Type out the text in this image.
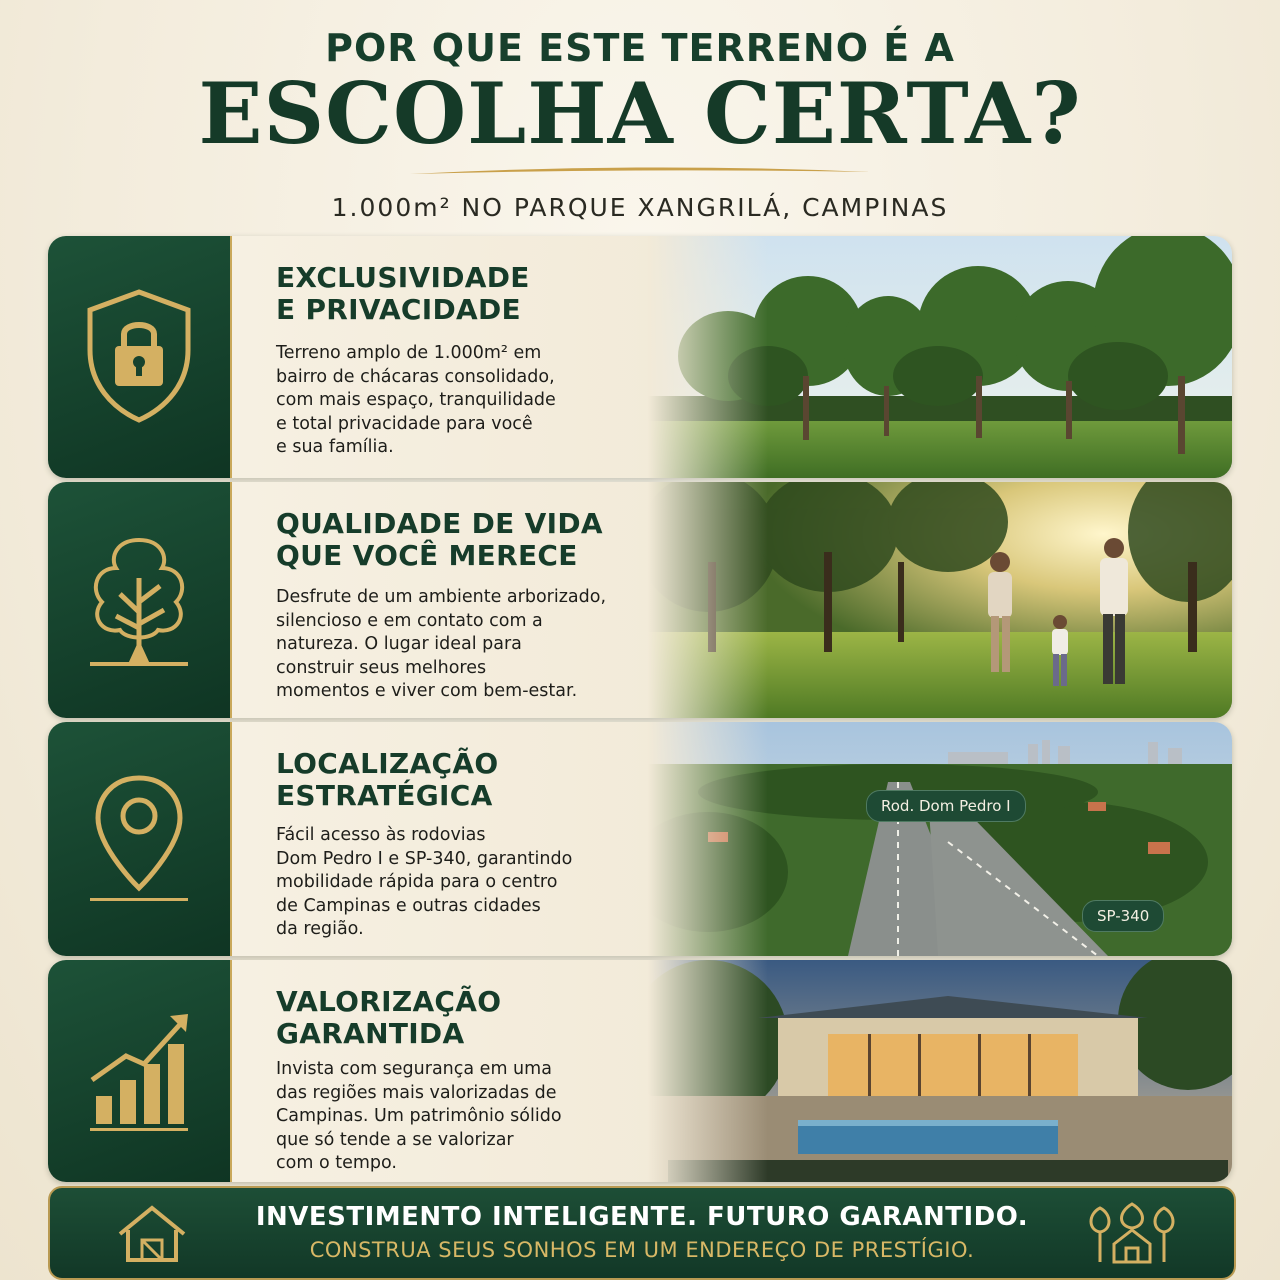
POR QUE ESTE TERRENO É A
ESCOLHA CERTA?
1.000m² NO PARQUE XANGRILÁ, CAMPINAS
EXCLUSIVIDADE
E PRIVACIDADE
Terreno amplo de 1.000m² em
bairro de chácaras consolidado,
com mais espaço, tranquilidade
e total privacidade para você
e sua família.
QUALIDADE DE VIDA
QUE VOCÊ MERECE
Desfrute de um ambiente arborizado,
silencioso e em contato com a
natureza. O lugar ideal para
construir seus melhores
momentos e viver com bem-estar.
LOCALIZAÇÃO
ESTRATÉGICA
Fácil acesso às rodovias
Dom Pedro I e SP-340, garantindo
mobilidade rápida para o centro
de Campinas e outras cidades
da região.
Rod. Dom Pedro I
SP-340
VALORIZAÇÃO
GARANTIDA
Invista com segurança em uma
das regiões mais valorizadas de
Campinas. Um patrimônio sólido
que só tende a se valorizar
com o tempo.
INVESTIMENTO INTELIGENTE. FUTURO GARANTIDO.
CONSTRUA SEUS SONHOS EM UM ENDEREÇO DE PRESTÍGIO.
